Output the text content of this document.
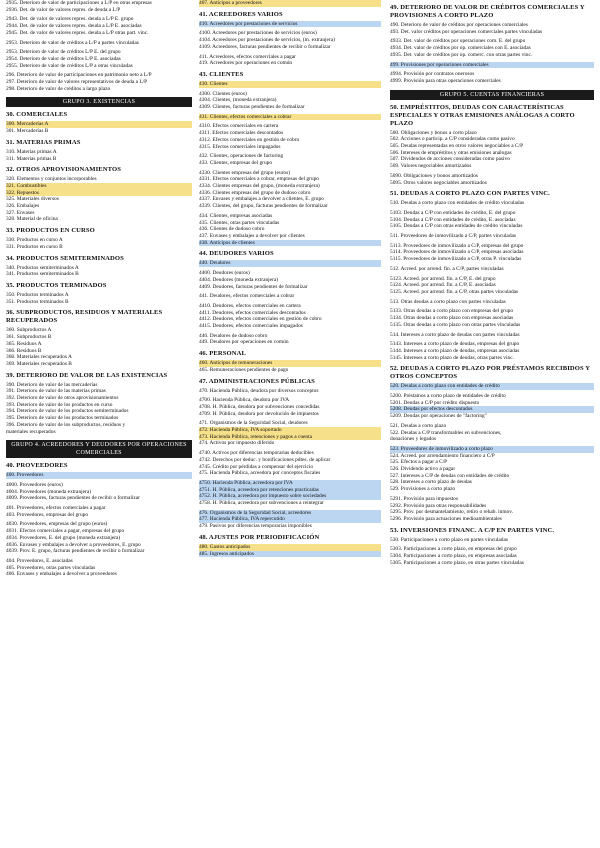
2935. Deterioro de valor de participaciones a L/P en otras empresas
2936. Det. de valor de valores repres. de deuda a L/P
2943. Det. de valor de valores repres. deuda a L/P E. grupo
2944. Det. de valor de valores repres. deuda a L/P E. asociadas
2945. Det. de valor de valores repres. deuda a L/P otras part. vinc.
2953. Deterioro de valor de créditos a L/P a partes vinculadas
2953. Deterioro de valor de créditos L/P E. del grupo
2954. Deterioro de valor de créditos L/P E. asociadas
2955. Deterioro de valor de créditos L/P a otras vinculadas
296. Deterioro de valor de participaciones en patrimonio neto a L/P
297. Deterioro de valor de valores representativos de deuda a L/P
298. Deterioro de valor de créditos a largo plazo
GRUPO 3. EXISTENCIAS
30. COMERCIALES
300. Mercaderías A
301. Mercaderías B
31. MATERIAS PRIMAS
310. Materias primas A
311. Materias primas B
32. OTROS APROVISIONAMIENTOS
320. Elementos y conjuntos incorporables
321. Combustibles
322. Repuestos
325. Materiales diversos
326. Embalajes
327. Envases
328. Material de oficina
33. PRODUCTOS EN CURSO
330. Productos en curso A
331. Productos en curso B
34. PRODUCTOS SEMITERMINADOS
340. Productos semiterminados A
341. Productos semiterminados B
35. PRODUCTOS TERMINADOS
350. Productos terminados A
351. Productos terminados B
36. SUBPRODUCTOS, RESIDUOS Y MATERIALES RECUPERADOS
360. Subproductos A
361. Subproductos B
365. Residuos A
366. Residuos B
368. Materiales recuperados A
369. Materiales recuperados B
39. DETERIORO DE VALOR DE LAS EXISTENCIAS
390. Deterioro de valor de las mercaderías
391. Deterioro de valor de las materias primas
392. Deterioro de valor de otros aprovisionamientos
393. Deterioro de valor de los productos en curso
394. Deterioro de valor de los productos semiterminados
395. Deterioro de valor de los productos terminados
396. Deterioro de valor de los subproductos, residuos y
materiales recuperados
GRUPO 4. ACREEDORES Y DEUDORES POR OPERACIONES COMERCIALES
40. PROVEEDORES
400. Proveedores
4000. Proveedores (euros)
4004. Proveedores (moneda extranjera)
4009. Proveedores, facturas pendientes de recibir o formalizar
401. Proveedores, efectos comerciales a pagar
403. Proveedores, empresas del grupo
4030. Proveedores, empresas del grupo (euros)
4031. Efectos comerciales a pagar, empresas del grupo
4034. Proveedores, E. del grupo (moneda extranjera)
4036. Envases y embalajes a devolver a proveedores, E. grupo
4039. Prov. E. grupo, facturas pendientes de recibir o formalizar
404. Proveedores, E. asociadas
405. Proveedores, otras partes vinculadas
406. Envases y embalajes a devolver a proveedores
407. Anticipos a proveedores
41. ACREEDORES VARIOS
410. Acreedores por prestaciones de servicios
4100. Acreedores por prestaciones de servicios (euros)
4104. Acreedores por prestaciones de servicios, (m. extranjera)
4109. Acreedores, facturas pendientes de recibir o formalizar
411. Acreedores, efectos comerciales a pagar
419. Acreedores por operaciones en común
43. CLIENTES
430. Clientes
4300. Clientes (euros)
4304. Clientes, (moneda extranjera)
4309. Clientes, facturas pendientes de formalizar
431. Clientes, efectos comerciales a cobrar
4310. Efectos comerciales en cartera
4311. Efectos comerciales descontados
4312. Efectos comerciales en gestión de cobro
4315. Efectos comerciales impagados
432. Clientes, operaciones de factoring
433. Clientes, empresas del grupo
4330. Clientes empresas del grupo (euros)
4331. Efectos comerciales a cobrar, empresas del grupo
4334. Clientes empresas del grupo, (moneda extranjera)
4336. Clientes empresas del grupo de dudoso cobro
4337. Envases y embalajes a devolver a clientes, E. grupo
4339. Clientes, del grupo, facturas pendientes de formalizar
434. Clientes, empresas asociadas
435. Clientes, otras partes vinculadas
436. Clientes de dudoso cobro
437. Envases y embalajes a devolver por clientes
438. Anticipos de clientes
44. DEUDORES VARIOS
440. Deudores
4400. Deudores (euros)
4404. Deudores (moneda extranjera)
4409. Deudores, facturas pendientes de formalizar
441. Deudores, efectos comerciales a cobrar
4410. Deudores, efectos comerciales en cartera
4411. Deudores, efectos comerciales descontados
4412. Deudores, efectos comerciales en gestión de cobro
4415. Deudores, efectos comerciales impagados
446. Deudores de dudoso cobro
449. Deudores por operaciones en común
46. PERSONAL
460. Anticipos de remuneraciones
465. Remuneraciones pendientes de pago
47. ADMINISTRACIONES PÚBLICAS
470. Hacienda Pública, deudora por diversos conceptos
4700. Hacienda Pública, deudora por IVA
4708. H. Pública, deudora por subvenciones concedidas
4709. H. Pública, deudora por devolución de impuestos
471. Organismos de la Seguridad Social, deudores
472. Hacienda Pública, IVA soportado
473. Hacienda Pública, retenciones y pagos a cuenta
474. Activos por impuesto diferido
4740. Activos por diferencias temporarias deducibles
4742. Derechos por deduc. y bonificaciones pdtes. de aplicar
4745. Crédito por pérdidas a compensar del ejercicio
475. Hacienda Pública, acreedora por conceptos fiscales
4750. Hacienda Pública, acreedora por IVA
4751. H. Pública, acreedora por retenciones practicadas
4752. H. Pública, acreedora por impuesto sobre sociedades
4758. H. Pública, acreedora por subvenciones a reintegrar
476. Organismos de la Seguridad Social, acreedores
477. Hacienda Pública, IVA repercutido
479. Pasivos por diferencias temporarias imponibles
48. AJUSTES POR PERIODIFICACIÓN
480. Gastos anticipados
485. Ingresos anticipados
49. DETERIORO DE VALOR DE CRÉDITOS COMERCIALES Y PROVISIONES A CORTO PLAZO
490. Deterioro de valor de créditos por operaciones comerciales
493. Det. valor créditos por operaciones comerciales partes vinculadas
4933. Det. valor de créditos por operaciones com. E. del grupo
4934. Det. valor de créditos por op. comerciales con E. asociadas
4935. Det. valor de créditos por op. comerc. con otras partes vinc.
499. Provisiones por operaciones comerciales
4994. Provisión por contratos onerosos
4999. Provisión para otras operaciones comerciales
GRUPO 5. CUENTAS FINANCIERAS
50. EMPRÉSTITOS, DEUDAS CON CARACTERÍSTICAS ESPECIALES Y OTRAS EMISIONES ANÁLOGAS A CORTO PLAZO
500. Obligaciones y bonos a corto plazo
502. Acciones o particip. a C/P consideradas como pasivo
505. Deudas representadas en otros valores negociables a C/P
506. Intereses de empréstitos y otras emisiones análogas
507. Dividendos de acciones consideradas como pasivo
509. Valores negociables amortizados
5090. Obligaciones y bonos amortizados
5095. Otros valores negociables amortizados
51. DEUDAS A CORTO PLAZO CON PARTES VINC.
510. Deudas a corto plazo con entidades de crédito vinculadas
5103. Deudas a C/P con entidades de crédito, E. del grupo
5104. Deudas a C/P con entidades de crédito, E. asociadas
5105. Deudas a C/P con otras entidades de crédito vinculadas
511. Proveedores de inmovilizado a C/P, partes vinculadas
5113. Proveedores de inmovilizado a C/P, empresas del grupo
5114. Proveedores de inmovilizado a C/P, empresas asociadas
5115. Proveedores de inmovilizado a C/P, otras P. vinculadas
512. Acreed. por arrend. fin. a C/P, partes vinculadas
5123. Acreed. por arrend. fin. a C/P, E. del grupo
5124. Acreed. por arrend. fin. a C/P, E. asociadas
5125. Acreed. por arrend. fin. a C/P, otras partes vinculadas
513. Otras deudas a corto plazo con partes vinculadas
5133. Otras deudas a corto plazo con empresas del grupo
5134. Otras deudas a corto plazo con empresas asociadas
5135. Otras deudas a corto plazo con otras partes vinculadas
514. Intereses a corto plazo de deudas con partes vinculadas
5143. Intereses a corto plazo de deudas, empresas del grupo
5144. Intereses a corto plazo de deudas, empresas asociadas
5145. Intereses a corto plazo de deudas, otras partes vinc.
52. DEUDAS A CORTO PLAZO POR PRÉSTAMOS RECIBIDOS Y OTROS CONCEPTOS
520. Deudas a corto plazo con entidades de crédito
5200. Préstamos a corto plazo de entidades de crédito
5201. Deudas a C/P por crédito dispuesto
5208. Deudas por efectos descontados
5209. Deudas por operaciones de "factoring"
521. Deudas a corto plazo
522. Deudas a C/P transformables en subvenciones,
donaciones y legados
523. Proveedores de inmovilizado a corto plazo
524. Acreed. por arrendamiento financiero a C/P
525. Efectos a pagar a C/P
526. Dividendo activo a pagar
527. Intereses a C/P de deudas con entidades de crédito
528. Intereses a corto plazo de deudas
529. Provisiones a corto plazo
5291. Provisión para impuestos
5292. Provisión para otras responsabilidades
5295. Prov. por desmantelamiento, retiro o rehab. inmov.
5296. Provisión para actuaciones medioambientales
53. INVERSIONES FINANC. A C/P EN PARTES VINC.
530. Participaciones a corto plazo en partes vinculadas
5303. Participaciones a corto plazo, en empresas del grupo
5304. Participaciones a corto plazo, en empresas asociadas
5305. Participaciones a corto plazo, en otras partes vinculadas
